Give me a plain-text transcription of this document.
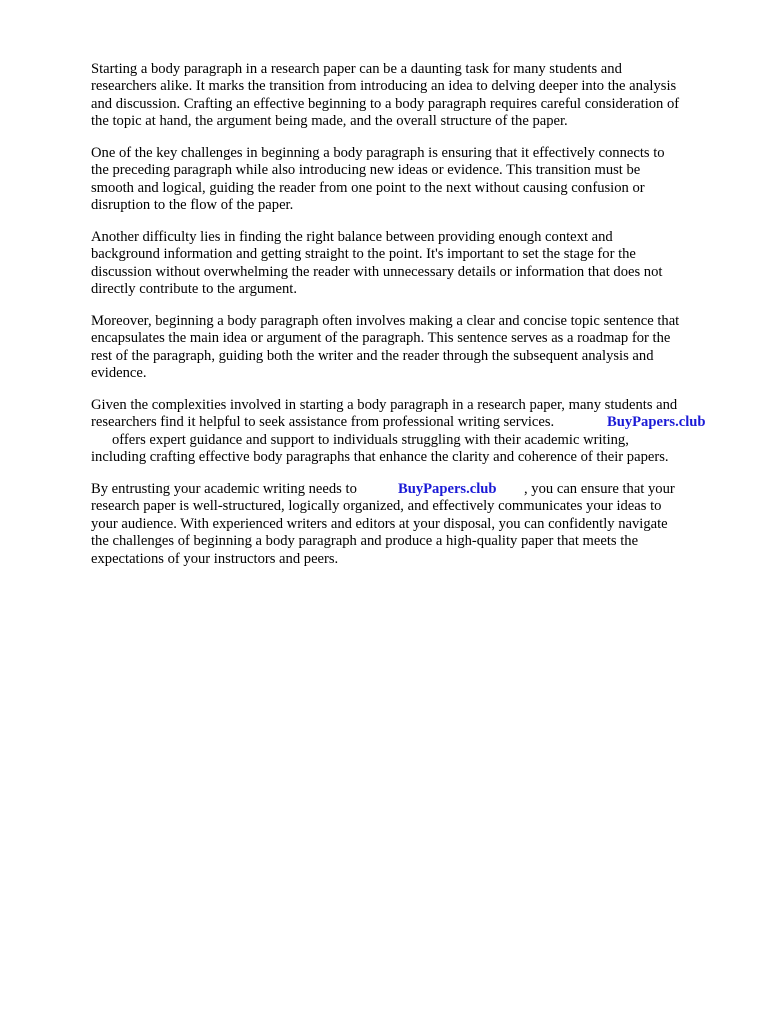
Starting a body paragraph in a research paper can be a daunting task for many students and

researchers alike. It marks the transition from introducing an idea to delving deeper into the analysis

and discussion. Crafting an effective beginning to a body paragraph requires careful consideration of

the topic at hand, the argument being made, and the overall structure of the paper.

One of the key challenges in beginning a body paragraph is ensuring that it effectively connects to

the preceding paragraph while also introducing new ideas or evidence. This transition must be

smooth and logical, guiding the reader from one point to the next without causing confusion or

disruption to the flow of the paper.

Another difficulty lies in finding the right balance between providing enough context and

background information and getting straight to the point. It's important to set the stage for the

discussion without overwhelming the reader with unnecessary details or information that does not

directly contribute to the argument.

Moreover, beginning a body paragraph often involves making a clear and concise topic sentence that

encapsulates the main idea or argument of the paragraph. This sentence serves as a roadmap for the

rest of the paragraph, guiding both the writer and the reader through the subsequent analysis and

evidence.

Given the complexities involved in starting a body paragraph in a research paper, many students and

researchers find it helpful to seek assistance from professional writing services.	BuyPapers.club

offers expert guidance and support to individuals struggling with their academic writing,

including crafting effective body paragraphs that enhance the clarity and coherence of their papers.

By entrusting your academic writing needs to	BuyPapers.club , you can ensure that your

research paper is well-structured, logically organized, and effectively communicates your ideas to

your audience. With experienced writers and editors at your disposal, you can confidently navigate

the challenges of beginning a body paragraph and produce a high-quality paper that meets the

expectations of your instructors and peers.
